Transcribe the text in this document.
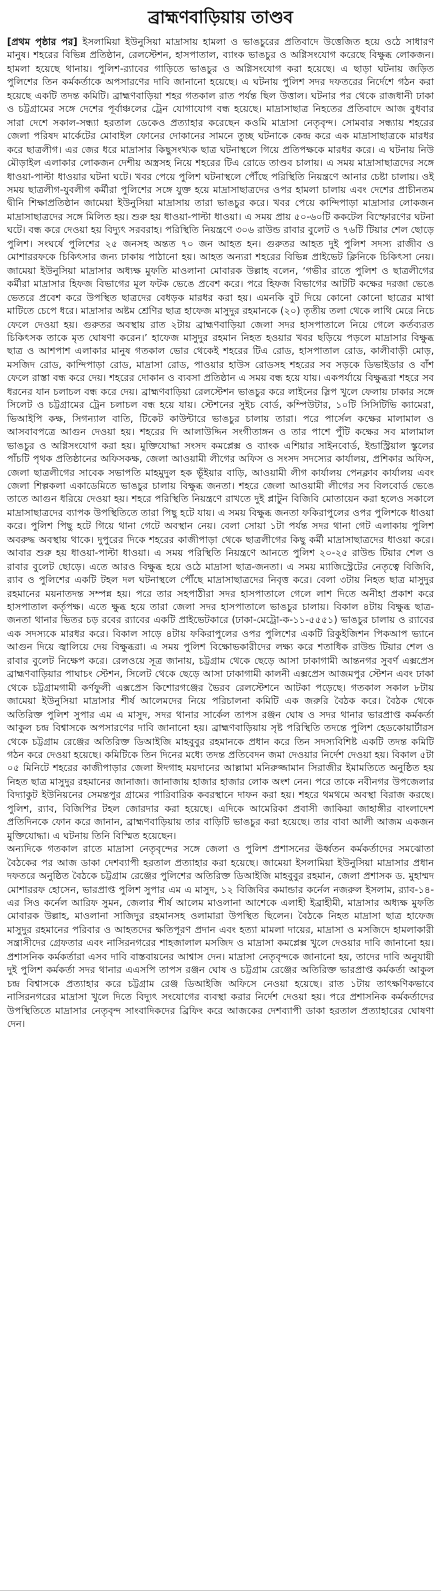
ব্রাহ্মণবাড়িয়ায় তাণ্ডব

[প্রথম পৃষ্ঠার পর] ইসলামিয়া ইউনুসিয়া মাদ্রাসায় হামলা ও ভাঙচুরের প্রতিবাদে উত্তেজিত হয়ে ওঠে সাধারণ মানুষ। শহরের বিভিন্ন প্রতিষ্ঠান, রেলস্টেশন, হাসপাতাল, ব্যাংক ভাঙচুর ও অগ্নিসংযোগ করেছে বিক্ষুব্ধ লোকজন। হামলা হয়েছে থানায়। পুলিশ-র‌্যাবের গাড়িতে ভাঙচুর ও অগ্নিসংযোগ করা হয়েছে। এ ছাড়া ঘটনায় জড়িত পুলিশের তিন কর্মকর্তাকে অপসারণের দাবি জানানো হয়েছে। এ ঘটনায় পুলিশ সদর দফতরের নির্দেশে গঠন করা হয়েছে একটি তদন্ত কমিটি। ব্রাহ্মণবাড়িয়া শহর গতকাল রাত পর্যন্ত ছিল উত্তাল। ঘটনার পর থেকে রাজধানী ঢাকা ও চট্টগ্রামের সঙ্গে দেশের পূর্বাঞ্চলের ট্রেন যোগাযোগ বন্ধ হয়েছে। মাদ্রাসাছাত্র নিহতের প্রতিবাদে আজ বুধবার সারা দেশে সকাল-সন্ধ্যা হরতাল ডেকেও প্রত্যাহার করেছেন কওমি মাদ্রাসা নেতৃবৃন্দ। সোমবার সন্ধ্যায় শহরের জেলা পরিষদ মার্কেটের মোবাইল ফোনের দোকানের সামনে তুচ্ছ ঘটনাকে কেন্দ্র করে এক মাদ্রাসাছাত্রকে মারধর করে ছাত্রলীগ। এর জের ধরে মাদ্রাসার কিছুসংখ্যক ছাত্র ঘটনাস্থলে গিয়ে প্রতিপক্ষকে মারধর করে। এ ঘটনায় নিউ মৌড়াইল এলাকার লোকজন দেশীয় অস্ত্রসহ নিয়ে শহরের টিএ রোডে তাণ্ডব চালায়। এ সময় মাদ্রাসাছাত্রদের সঙ্গে ধাওয়া-পাল্টা ধাওয়ার ঘটনা ঘটে। খবর পেয়ে পুলিশ ঘটনাস্থলে পৌঁছে পরিস্থিতি নিয়ন্ত্রণে আনার চেষ্টা চালায়। ওই সময় ছাত্রলীগ-যুবলীগ কর্মীরা পুলিশের সঙ্গে যুক্ত হয়ে মাদ্রাসাছাত্রদের ওপর হামলা চালায় এবং দেশের প্রাচীনতম দ্বীনি শিক্ষাপ্রতিষ্ঠান জামেয়া ইউনুসিয়া মাদ্রাসায় তারা ভাঙচুর করে। খবর পেয়ে কান্দিপাড়া মাদ্রাসার লোকজন মাদ্রাসাছাত্রদের সঙ্গে মিলিত হয়। শুরু হয় ধাওয়া-পাল্টা ধাওয়া। এ সময় প্রায় ৫০-৬০টি ককটেল বিস্ফোরণের ঘটনা ঘটে। বন্ধ করে দেওয়া হয় বিদ্যুৎ সরবরাহ। পরিস্থিতি নিয়ন্ত্রণে ৩০৬ রাউন্ড রাবার বুলেট ও ৭৬টি টিয়ার শেল ছোড়ে পুলিশ। সংঘর্ষে পুলিশের ২৫ জনসহ অন্তত ৭০ জন আহত হন। গুরুতর আহত দুই পুলিশ সদস্য রাজীব ও মোশাররফকে চিকিৎসার জন্য ঢাকায় পাঠানো হয়। আহত অন্যরা শহরের বিভিন্ন প্রাইভেট ক্লিনিকে চিকিৎসা নেয়। জামেয়া ইউনুসিয়া মাদ্রাসার অধ্যক্ষ মুফতি মাওলানা মোবারক উল্লাহ বলেন, ‘গভীর রাতে পুলিশ ও ছাত্রলীগের কর্মীরা মাদ্রাসার হিফজ বিভাগের মূল ফটক ভেঙে প্রবেশ করে। পরে হিফজ বিভাগের আটটি কক্ষের দরজা ভেঙে ভেতরে প্রবেশ করে উপস্থিত ছাত্রদের বেধড়ক মারধর করা হয়। এমনকি বুট দিয়ে কোনো কোনো ছাত্রের মাথা মাটিতে চেপে ধরে। মাদ্রাসার অষ্টম শ্রেণির ছাত্র হাফেজ মাসুদুর রহমানকে (২০) তৃতীয় তলা থেকে লাথি মেরে নিচে ফেলে দেওয়া হয়। গুরুতর অবস্থায় রাত ২টায় ব্রাহ্মণবাড়িয়া জেলা সদর হাসপাতালে নিয়ে গেলে কর্তব্যরত চিকিৎসক তাকে মৃত ঘোষণা করেন।’ হাফেজ মাসুদুর রহমান নিহত হওয়ার খবর ছড়িয়ে পড়লে মাদ্রাসার বিক্ষুব্ধ ছাত্র ও আশপাশ এলাকার মানুষ গতকাল ভোর থেকেই শহরের টিএ রোড, হাসপাতাল রোড, কালীবাড়ী মোড়, মসজিদ রোড, কান্দিপাড়া রোড, মাদ্রাসা রোড, পাওয়ার হাউস রোডসহ শহরের সব সড়কে ডিভাইডার ও বাঁশ ফেলে রাস্তা বন্ধ করে দেয়। শহরের দোকান ও ব্যবসা প্রতিষ্ঠান এ সময় বন্ধ হয়ে যায়। একপর্যায়ে বিক্ষুব্ধরা শহরে সব ধরনের যান চলাচল বন্ধ করে দেয়। ব্রাহ্মণবাড়িয়া রেলস্টেশন ভাঙচুর করে লাইনের স্লিপ খুলে ফেলায় ঢাকার সঙ্গে সিলেট ও চট্টগ্রামের ট্রেন চলাচল বন্ধ হয়ে যায়। স্টেশনের সুইচ বোর্ড, কম্পিউটার, ১০টি সিসিটিভি ক্যামেরা, ভিআইপি কক্ষ, সিগন্যাল বাতি, টিকেট কাউন্টারে ভাঙচুর চালায় তারা। পরে পার্সেল কক্ষের মালামাল ও আসবাবপত্রে আগুন দেওয়া হয়। শহরের দি আলাউদ্দিন সংগীতাঙ্গন ও তার পাশে পুঁটি কক্ষের সব মালামাল ভাঙচুর ও অগ্নিসংযোগ করা হয়। মুক্তিযোদ্ধা সংসদ কমপ্লেক্স ও ব্যাংক এশিয়ার সাইনবোর্ড, ইন্ডাস্ট্রিয়াল স্কুলের পাঁচটি পৃথক প্রতিষ্ঠানের অফিসকক্ষ, জেলা আওয়ামী লীগের অফিস ও সংসদ সদস্যের কার্যালয়, প্রশিকার অফিস, জেলা ছাত্রলীগের সাবেক সভাপতি মাহমুদুল হক ভূঁইয়ার বাড়ি, আওয়ামী লীগ কার্যালয় পেনক্লাব কার্যালয় এবং জেলা শিল্পকলা একাডেমিতে ভাঙচুর চালায় বিক্ষুব্ধ জনতা। শহরে জেলা আওয়ামী লীগের সব বিলবোর্ড ভেঙে তাতে আগুন ধরিয়ে দেওয়া হয়। শহরে পরিস্থিতি নিয়ন্ত্রণে রাখতে দুই প্লাটুন বিজিবি মোতায়েন করা হলেও সকালে মাদ্রাসাছাত্রদের ব্যাপক উপস্থিতিতে তারা পিছু হটে যায়। এ সময় বিক্ষুব্ধ জনতা ফকিরাপুলের ওপর পুলিশকে ধাওয়া করে। পুলিশ পিছু হটে গিয়ে থানা গেটে অবস্থান নেয়। বেলা সোয়া ১টা পর্যন্ত সদর থানা গেট এলাকায় পুলিশ অবরুদ্ধ অবস্থায় থাকে। দুপুরের দিকে শহরের কাজীপাড়া থেকে ছাত্রলীগের কিছু কর্মী মাদ্রাসাছাত্রদের ধাওয়া করে। আবার শুরু হয় ধাওয়া-পাল্টা ধাওয়া। এ সময় পরিস্থিতি নিয়ন্ত্রণে আনতে পুলিশ ২০-২৫ রাউন্ড টিয়ার শেল ও রাবার বুলেট ছোড়ে। এতে আরও বিক্ষুব্ধ হয়ে ওঠে মাদ্রাসা ছাত্র-জনতা। এ সময় ম্যাজিস্ট্রেটের নেতৃত্বে বিজিবি, র‌্যাব ও পুলিশের একটি টহল দল ঘটনাস্থলে পৌঁছে মাদ্রাসাছাত্রদের নিবৃত্ত করে। বেলা ৩টায় নিহত ছাত্র মাসুদুর রহমানের ময়নাতদন্ত সম্পন্ন হয়। পরে তার সহপাঠীরা সদর হাসপাতালে গেলে লাশ দিতে অনীহা প্রকাশ করে হাসপাতাল কর্তৃপক্ষ। এতে ক্ষুব্ধ হয়ে তারা জেলা সদর হাসপাতালে ভাঙচুর চালায়। বিকাল ৪টায় বিক্ষুব্ধ ছাত্র-জনতা থানার ভিতর চড় রবের র‌্যাবের একটি প্রাইভেটকারে (ঢাকা-মেট্রো-ক-১১-৫৫৫১) ভাঙচুর চালায় ও র‌্যাবের এক সদস্যকে মারধর করে। বিকাল সাড়ে ৪টায় ফকিরাপুলের ওপর পুলিশের একটি রিকুইজিশন পিকআপ ভ্যানে আগুন দিয়ে জ্বালিয়ে দেয় বিক্ষুব্ধরা। এ সময় পুলিশ বিক্ষোভকারীদের লক্ষ্য করে শতাধিক রাউন্ড টিয়ার শেল ও রাবার বুলেট নিক্ষেপ করে। রেলওয়ে সূত্র জানায়, চট্টগ্রাম থেকে ছেড়ে আসা ঢাকাগামী আন্তনগর সুবর্ণ এক্সপ্রেস ব্রাহ্মণবাড়িয়ার পাঘাচং স্টেশন, সিলেট থেকে ছেড়ে আসা ঢাকাগামী কালনী এক্সপ্রেস আজমপুর স্টেশন এবং ঢাকা থেকে চট্টগ্রামগামী কর্ণফুলী এক্সপ্রেস কিশোরগঞ্জের ভৈরব রেলস্টেশনে আটকা পড়েছে। গতকাল সকাল ৮টায় জামেয়া ইউনুসিয়া মাদ্রাসার শীর্ষ আলেমদের নিয়ে পরিচালনা কমিটি এক জরুরি বৈঠক করে। বৈঠক থেকে অতিরিক্ত পুলিশ সুপার এম এ মাসুদ, সদর থানার সার্কেল তাপস রঞ্জন ঘোষ ও সদর থানার ভারপ্রাপ্ত কর্মকর্তা আকুল চন্দ্র বিশ্বাসকে অপসারণের দাবি জানানো হয়। ব্রাহ্মণবাড়িয়ায় সৃষ্ট পরিস্থিতি তদন্তে পুলিশ হেডকোয়ার্টারস থেকে চট্টগ্রাম রেঞ্জের অতিরিক্ত ডিআইজি মাহবুবুর রহমানকে প্রধান করে তিন সদস্যবিশিষ্ট একটি তদন্ত কমিটি গঠন করে দেওয়া হয়েছে। কমিটিকে তিন দিনের মধ্যে তদন্ত প্রতিবেদন জমা দেওয়ার নির্দেশ দেওয়া হয়। বিকাল ৫টা ০৫ মিনিটে শহরের কাজীপাড়ার জেলা ঈদগাহ ময়দানের আল্লামা মনিরুজ্জামান সিরাজীর ইমামতিতে অনুষ্ঠিত হয় নিহত ছাত্র মাসুদুর রহমানের জানাজা। জানাজায় হাজার হাজার লোক অংশ নেন। পরে তাকে নবীনগর উপজেলার বিদ্যাকুট ইউনিয়নের সেমন্তপুর গ্রামের পারিবারিক কবরস্থানে দাফন করা হয়। শহরে থমথমে অবস্থা বিরাজ করছে। পুলিশ, র‌্যাব, বিজিপির টহল জোরদার করা হয়েছে। এদিকে আমেরিকা প্রবাসী জাকিয়া জাহাঙ্গীর বাংলাদেশ প্রতিদিনকে ফোন করে জানান, ব্রাহ্মণবাড়িয়ায় তার বাড়িটি ভাঙচুর করা হয়েছে। তার বাবা আলী আজম একজন মুক্তিযোদ্ধা। এ ঘটনায় তিনি বিস্মিত হয়েছেন।

অন্যদিকে গতকাল রাতে মাদ্রাসা নেতৃবৃন্দের সঙ্গে জেলা ও পুলিশ প্রশাসনের ঊর্ধ্বতন কর্মকর্তাদের সমঝোতা বৈঠকের পর আজ ডাকা দেশব্যাপী হরতাল প্রত্যাহার করা হয়েছে। জামেয়া ইসলামিয়া ইউনুসিয়া মাদ্রাসার প্রধান দফতরে অনুষ্ঠিত বৈঠকে চট্টগ্রাম রেঞ্জের পুলিশের অতিরিক্ত ডিআইজি মাহবুবুর রহমান, জেলা প্রশাসক ড. মুহাম্মদ মোশাররফ হোসেন, ভারপ্রাপ্ত পুলিশ সুপার এম এ মাসুদ, ১২ বিজিবির কমান্ডার কর্নেল নজরুল ইসলাম, র‌্যাব-১৪-এর সিও কর্নেল আরিফ সুমন, জেলার শীর্ষ আলেম মাওলানা আশেকে এলাহী ইব্রাহীমী, মাদ্রাসার অধ্যক্ষ মুফতি মোবারক উল্লাহ, মাওলানা সাজিদুর রহমানসহ ওলামারা উপস্থিত ছিলেন। বৈঠকে নিহত মাদ্রাসা ছাত্র হাফেজ মাসুদুর রহমানের পরিবার ও আহতদের ক্ষতিপূরণ প্রদান এবং হত্যা মামলা দায়ের, মাদ্রাসা ও মসজিদে হামলাকারী সন্ত্রাসীদের গ্রেফতার এবং নাসিরনগরের শাহজালাল মসজিদ ও মাদ্রাসা কমপ্লেক্স খুলে দেওয়ার দাবি জানানো হয়। প্রশাসনিক কর্মকর্তারা এসব দাবি বাস্তবায়নের আশ্বাস দেন। মাদ্রাসা নেতৃবৃন্দকে জানানো হয়, তাদের দাবি অনুযায়ী দুই পুলিশ কর্মকর্তা সদর থানার এএসপি তাপস রঞ্জন ঘোষ ও চট্টগ্রাম রেঞ্জের অতিরিক্ত ভারপ্রাপ্ত কর্মকর্তা আকুল চন্দ্র বিশ্বাসকে প্রত্যাহার করে চট্টগ্রাম রেঞ্জ ডিআইজি অফিসে নেওয়া হয়েছে। রাত ১টায় তাৎক্ষণিকভাবে নাসিরনগরের মাদ্রাসা খুলে দিতে বিদ্যুৎ সংযোগের ব্যবস্থা করার নির্দেশ দেওয়া হয়। পরে প্রশাসনিক কর্মকর্তাদের উপস্থিতিতে মাদ্রাসার নেতৃবৃন্দ সাংবাদিকদের ব্রিফিং করে আজকের দেশব্যাপী ডাকা হরতাল প্রত্যাহারের ঘোষণা দেন।
